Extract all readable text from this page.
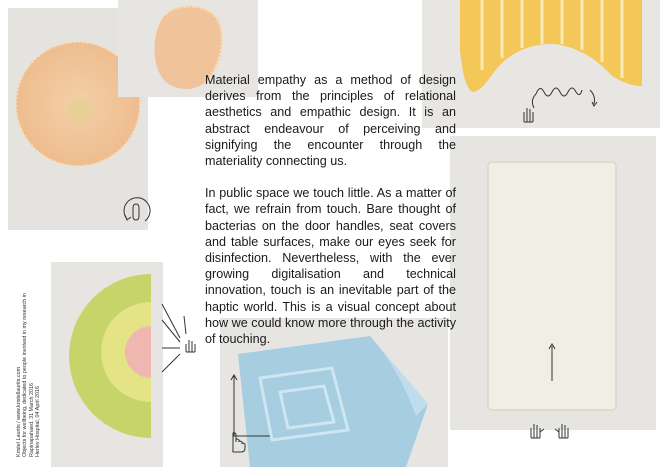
Material empathy as a method of design derives from the principles of relational aesthetics and empathic design. It is an abstract endeavour of perceiving and signifying the encounter through the materiality connecting us.

In public space we touch little. As a matter of fact, we refrain from touch. Bare thought of bacterias on the door handles, seat covers and table surfaces, make our eyes seek for disinfection. Nevertheless, with the ever growing digitalisation and technical innovation, touch is an inevitable part of the haptic world. This is a visual concept about how we could know more through the activity of touching.

Kristel Laurits / www.kristellaurits.com Objects for wellbeing, dedicated to people involved in my research in Rapinapahaed, 31 March 2016 Herlev Hospital, 04 April 2016
